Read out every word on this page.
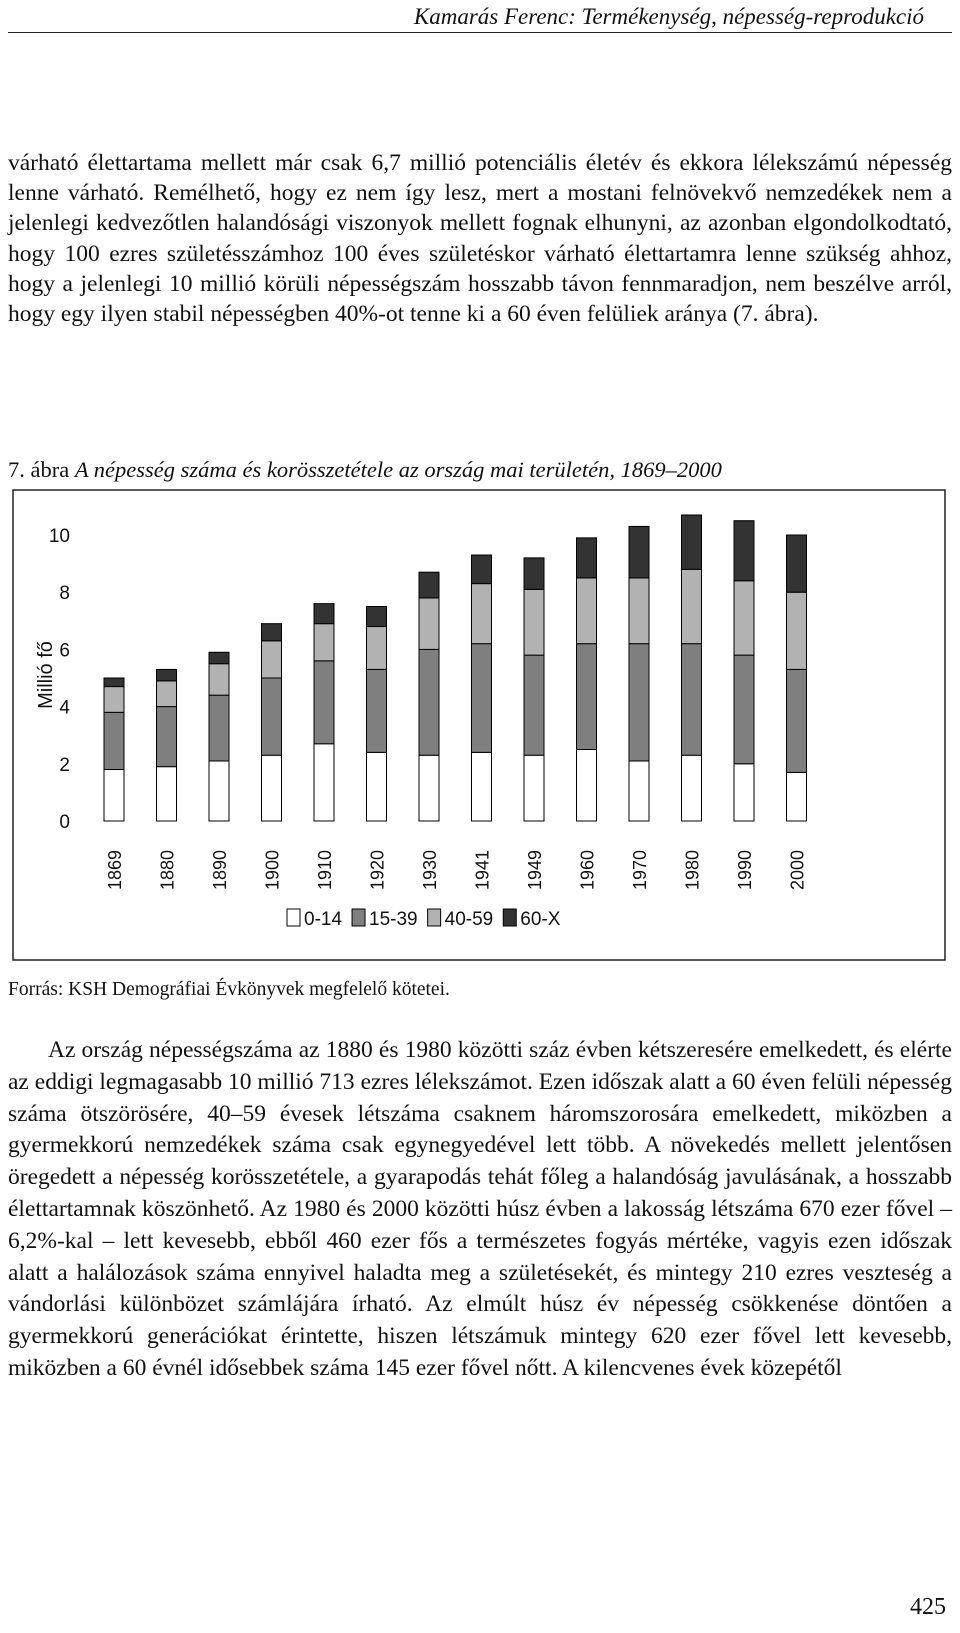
Kamarás Ferenc: Termékenység, népesség-reprodukció

várható élettartama mellett már csak 6,7 millió potenciális életév és ekkora lélekszámú népesség lenne várható. Remélhető, hogy ez nem így lesz, mert a mostani felnövekvő nemzedékek nem a jelenlegi kedvezőtlen halandósági viszonyok mellett fognak elhunyni, az azonban elgondolkodtató, hogy 100 ezres születésszámhoz 100 éves születéskor várható élettartamra lenne szükség ahhoz, hogy a jelenlegi 10 millió körüli népességszám hosszabb távon fennmaradjon, nem beszélve arról, hogy egy ilyen stabil népességben 40%-ot tenne ki a 60 éven felüliek aránya (7. ábra).

7. ábra A népesség száma és korösszetétele az ország mai területén, 1869–2000
Millió fő
0
2
4
6
8
10
1869 1880 1890 1900 1910 1920 1930 1941 1949 1960 1970 1980 1990 2000
0-14 15-39 40-59 60-X
Forrás: KSH Demográfiai Évkönyvek megfelelő kötetei.

Az ország népességszáma az 1880 és 1980 közötti száz évben kétszeresére emelkedett, és elérte az eddigi legmagasabb 10 millió 713 ezres lélekszámot. Ezen időszak alatt a 60 éven felüli népesség száma ötszörösére, 40–59 évesek létszáma csaknem háromszorosára emelkedett, miközben a gyermekkorú nemzedékek száma csak egynegyedével lett több. A növekedés mellett jelentősen öregedett a népesség korösszetétele, a gyarapodás tehát főleg a halandóság javulásának, a hosszabb élettartamnak köszönhető. Az 1980 és 2000 közötti húsz évben a lakosság létszáma 670 ezer fővel – 6,2%-kal – lett kevesebb, ebből 460 ezer fős a természetes fogyás mértéke, vagyis ezen időszak alatt a halálozások száma ennyivel haladta meg a születésekét, és mintegy 210 ezres veszteség a vándorlási különbözet számlájára írható. Az elmúlt húsz év népesség csökkenése döntően a gyermekkorú generációkat érintette, hiszen létszámuk mintegy 620 ezer fővel lett kevesebb, miközben a 60 évnél idősebbek száma 145 ezer fővel nőtt. A kilencvenes évek közepétől

425
